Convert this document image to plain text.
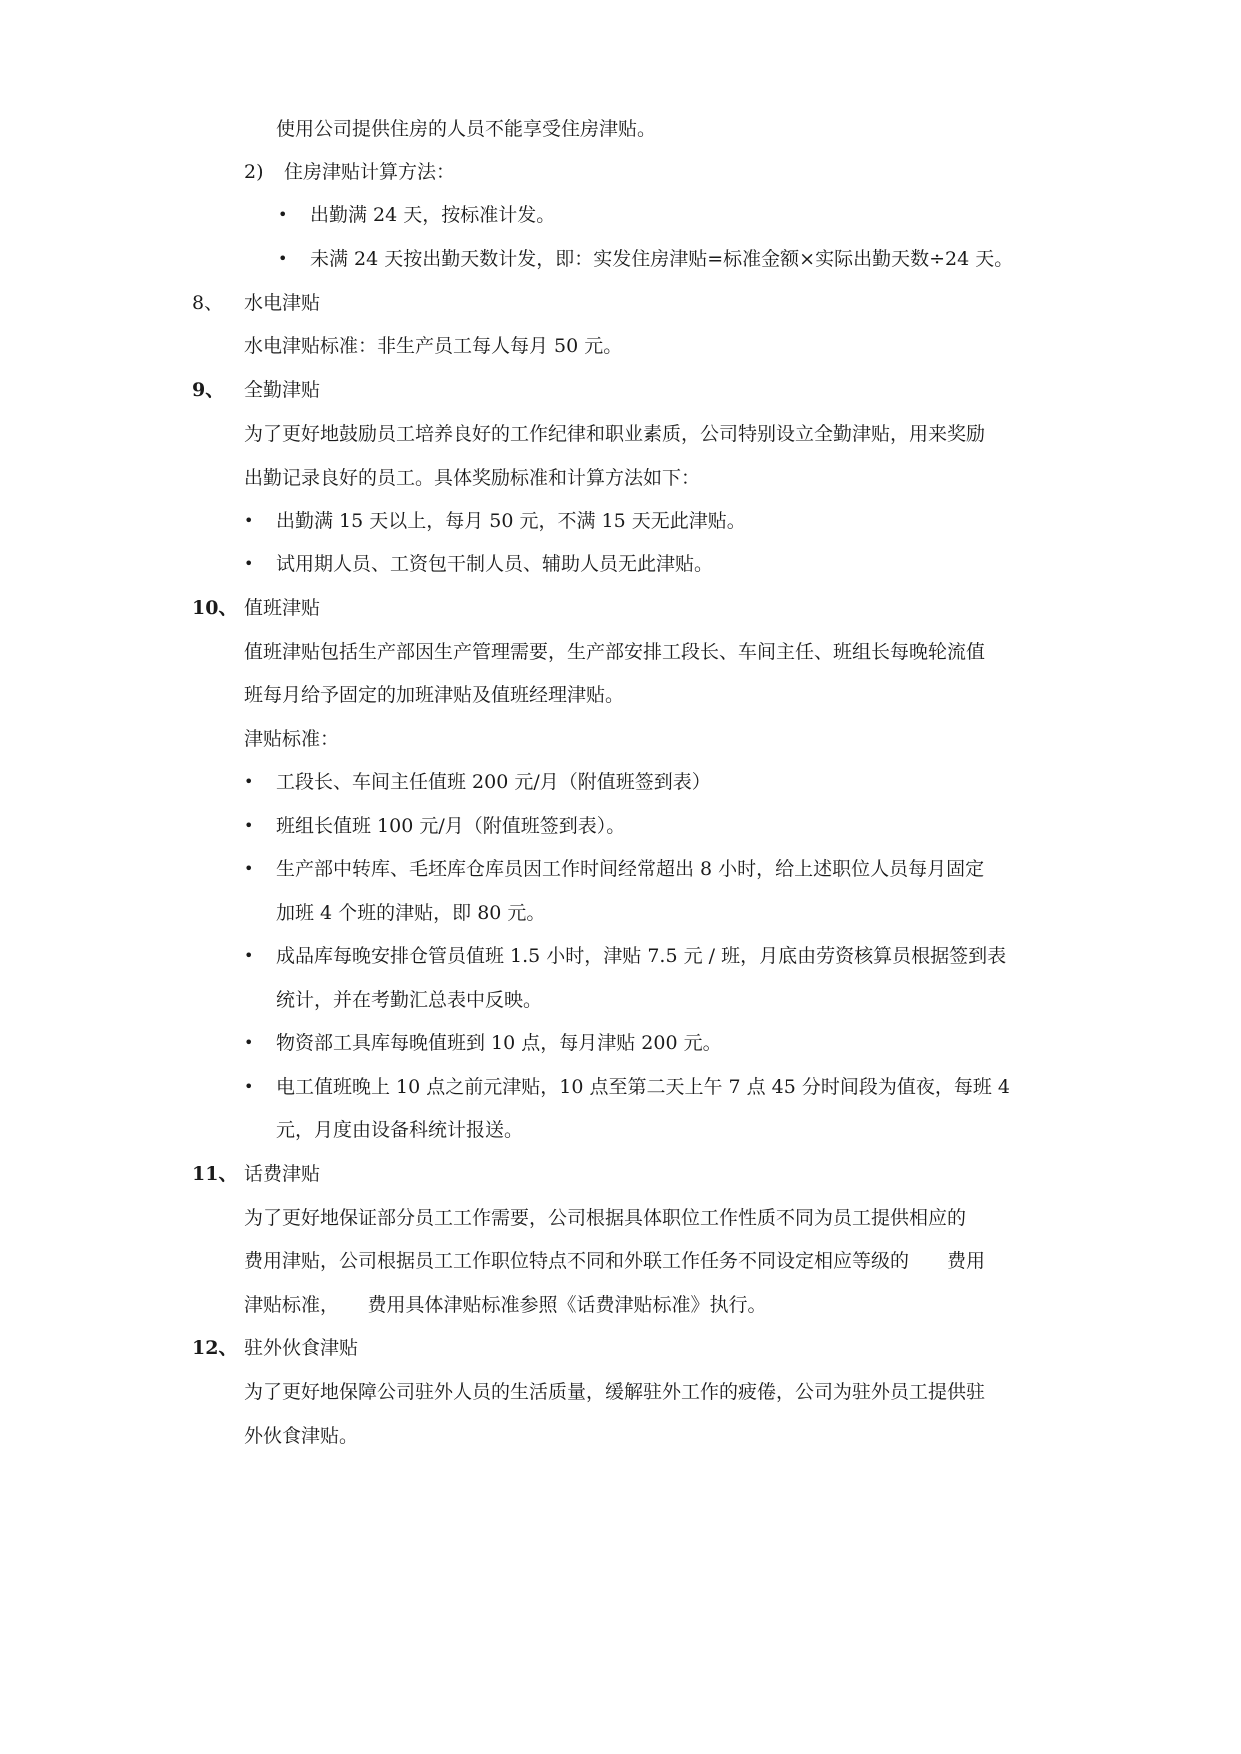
使用公司提供住房的人员不能享受住房津贴。
2) 住房津贴计算方法：
• 出勤满 24 天，按标准计发。
• 未满 24 天按出勤天数计发，即：实发住房津贴=标准金额×实际出勤天数÷24 天。
8、 水电津贴
水电津贴标准：非生产员工每人每月 50 元。
9、 全勤津贴
为了更好地鼓励员工培养良好的工作纪律和职业素质，公司特别设立全勤津贴，用来奖励
出勤记录良好的员工。具体奖励标准和计算方法如下：
• 出勤满 15 天以上，每月 50 元，不满 15 天无此津贴。
• 试用期人员、工资包干制人员、辅助人员无此津贴。
10、 值班津贴
值班津贴包括生产部因生产管理需要，生产部安排工段长、车间主任、班组长每晚轮流值
班每月给予固定的加班津贴及值班经理津贴。
津贴标准：
• 工段长、车间主任值班 200 元/月（附值班签到表）
• 班组长值班 100 元/月（附值班签到表）。
• 生产部中转库、毛坯库仓库员因工作时间经常超出 8 小时，给上述职位人员每月固定
加班 4 个班的津贴，即 80 元。
• 成品库每晚安排仓管员值班 1.5 小时，津贴 7.5 元 / 班，月底由劳资核算员根据签到表
统计，并在考勤汇总表中反映。
• 物资部工具库每晚值班到 10 点，每月津贴 200 元。
• 电工值班晚上 10 点之前元津贴，10 点至第二天上午 7 点 45 分时间段为值夜，每班 4
元，月度由设备科统计报送。
11、 话费津贴
为了更好地保证部分员工工作需要，公司根据具体职位工作性质不同为员工提供相应的
费用津贴，公司根据员工工作职位特点不同和外联工作任务不同设定相应等级的　　费用
津贴标准，　　费用具体津贴标准参照《话费津贴标准》执行。
12、 驻外伙食津贴
为了更好地保障公司驻外人员的生活质量，缓解驻外工作的疲倦，公司为驻外员工提供驻
外伙食津贴。
